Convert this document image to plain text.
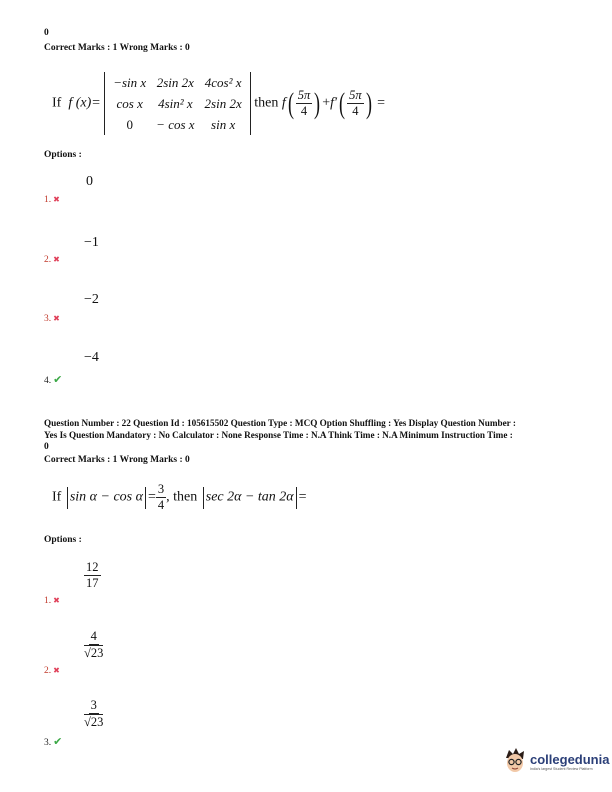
0
Correct Marks : 1 Wrong Marks : 0
If f (x)=
−sin x	2sin 2x	4cos² x
cos x	4sin² x	2sin 2x
0	− cos x	sin x
then $f( \frac{5\pi}{4}$ ) $+f'( \frac{5\pi}{4}$ ) =
Options :
0
1. ✖
−1
2. ✖
−2
3. ✖
−4
4. ✔
Question Number : 22 Question Id : 105615502 Question Type : MCQ Option Shuffling : Yes Display Question Number :
Yes Is Question Mandatory : No Calculator : None Response Time : N.A Think Time : N.A Minimum Instruction Time :
0
Correct Marks : 1 Wrong Marks : 0
If $\sin \alpha - \cos \alpha = \frac{3}{4}$ , then sec 2α − tan 2α =
Options :
$\frac{12}{17}$
1. ✖
$\frac{4}{√23}$
2. ✖
$\frac{3}{√23}$
3. ✔
collegedunia
India's largest Student Review Platform
